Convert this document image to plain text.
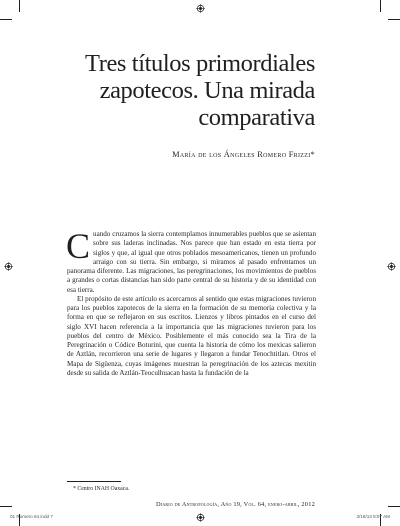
Tres títulos primordiales
zapotecos. Una mirada
comparativa
María de los Ángeles Romero Frizzi*

Cuando cruzamos la sierra contemplamos innumerables pueblos que se asientan sobre sus laderas inclinadas. Nos parece que han estado en esta tierra por siglos y que, al igual que otros poblados mesoamericanos, tienen un profundo arraigo con su tierra. Sin embargo, si miramos al pasado enfrentamos un panorama diferente. Las migraciones, las peregrinaciones, los movimientos de pueblos a grandes o cortas distancias han sido parte central de su historia y de su identidad con esa tierra.

El propósito de este artículo es acercarnos al sentido que estas migraciones tuvieron para los pueblos zapotecos de la sierra en la formación de su memoria colectiva y la forma en que se reflejaron en sus escritos. Lienzos y libros pintados en el curso del siglo XVI hacen referencia a la importancia que las migraciones tuvieron para los pueblos del centro de México. Posiblemente el más conocido sea la Tira de la Peregrinación o Códice Boturini, que cuenta la historia de cómo los mexicas salieron de Aztlán, recorrieron una serie de lugares y llegaron a fundar Tenochtitlan. Otros el Mapa de Sigüenza, cuyas imágenes muestran la peregrinación de los aztecas mexitin desde su salida de Aztlán-Teoculhuacan hasta la fundación de la

* Centro INAH Oaxaca.
Diario de Antropología, Año 19, Vol. 64, enero-abril, 2012
01 Romero 64.indd 7	3/18/13 8:57 AM
